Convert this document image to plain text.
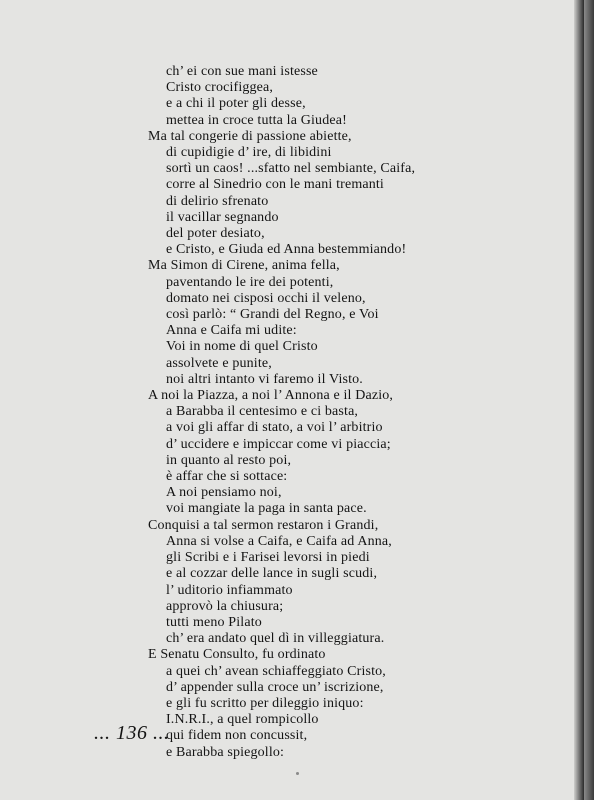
ch’ ei con sue mani istesse
Cristo crocifiggea,
e a chi il poter gli desse,
mettea in croce tutta la Giudea!
Ma tal congerie di passione abiette,
di cupidigie d’ ire, di libidini
sortì un caos! ...sfatto nel sembiante, Caifa,
corre al Sinedrio con le mani tremanti
di delirio sfrenato
il vacillar segnando
del poter desiato,
e Cristo, e Giuda ed Anna bestemmiando!
Ma Simon di Cirene, anima fella,
paventando le ire dei potenti,
domato nei cisposi occhi il veleno,
così parlò: “ Grandi del Regno, e Voi
Anna e Caifa mi udite:
Voi in nome di quel Cristo
assolvete e punite,
noi altri intanto vi faremo il Visto.
A noi la Piazza, a noi l’ Annona e il Dazio,
a Barabba il centesimo e ci basta,
a voi gli affar di stato, a voi l’ arbitrio
d’ uccidere e impiccar come vi piaccia;
in quanto al resto poi,
è affar che si sottace:
A noi pensiamo noi,
voi mangiate la paga in santa pace.
Conquisi a tal sermon restaron i Grandi,
Anna si volse a Caifa, e Caifa ad Anna,
gli Scribi e i Farisei levorsi in piedi
e al cozzar delle lance in sugli scudi,
l’ uditorio infiammato
approvò la chiusura;
tutti meno Pilato
ch’ era andato quel dì in villeggiatura.
E Senatu Consulto, fu ordinato
a quei ch’ avean schiaffeggiato Cristo,
d’ appender sulla croce un’ iscrizione,
e gli fu scritto per dileggio iniquo:
I.N.R.I., a quel rompicollo
qui fidem non concussit,
e Barabba spiegollo:
... 136 ...
